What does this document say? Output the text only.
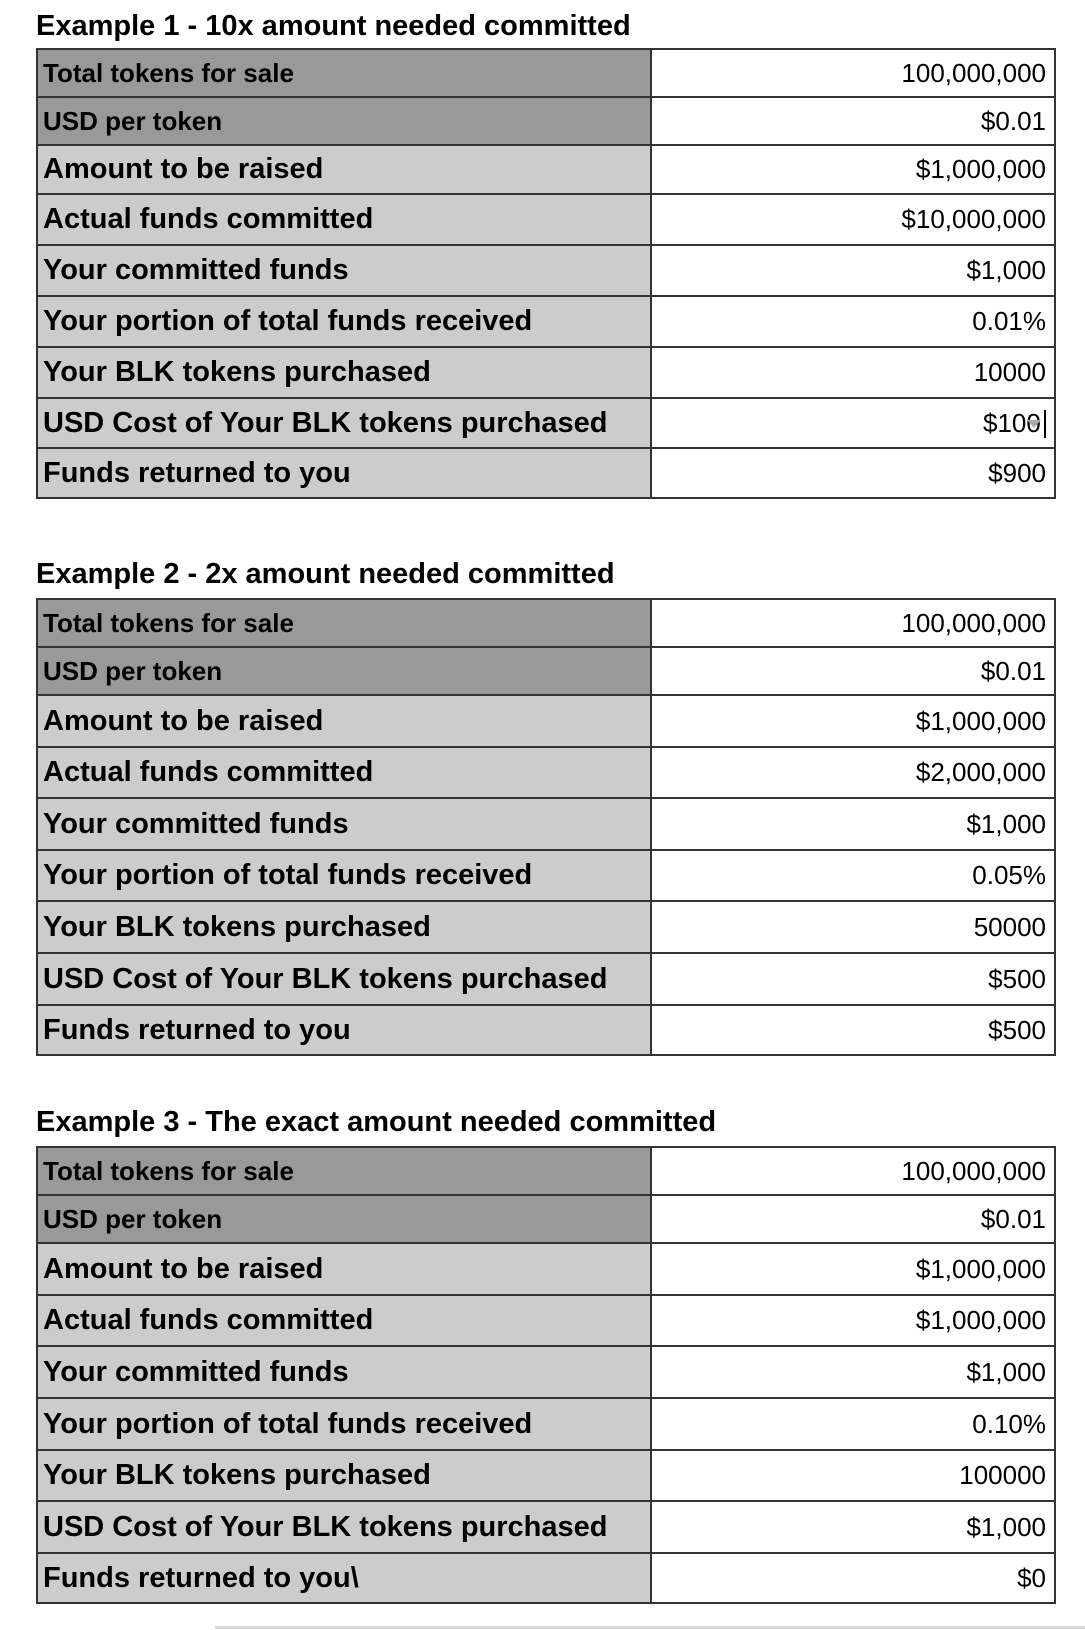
Example 1 - 10x amount needed committed
Total tokens for sale	100,000,000
USD per token	$0.01
Amount to be raised	$1,000,000
Actual funds committed	$10,000,000
Your committed funds	$1,000
Your portion of total funds received	0.01%
Your BLK tokens purchased	10000
USD Cost of Your BLK tokens purchased	$100
Funds returned to you	$900
Example 2 - 2x amount needed committed
Total tokens for sale	100,000,000
USD per token	$0.01
Amount to be raised	$1,000,000
Actual funds committed	$2,000,000
Your committed funds	$1,000
Your portion of total funds received	0.05%
Your BLK tokens purchased	50000
USD Cost of Your BLK tokens purchased	$500
Funds returned to you	$500
Example 3 - The exact amount needed committed
Total tokens for sale	100,000,000
USD per token	$0.01
Amount to be raised	$1,000,000
Actual funds committed	$1,000,000
Your committed funds	$1,000
Your portion of total funds received	0.10%
Your BLK tokens purchased	100000
USD Cost of Your BLK tokens purchased	$1,000
Funds returned to you\	$0
